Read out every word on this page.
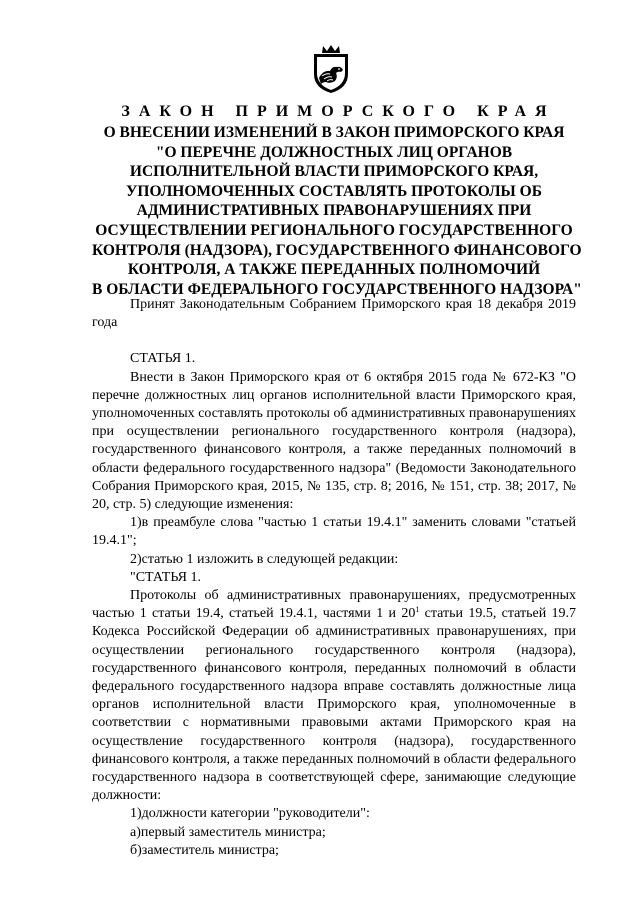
ЗАКОН ПРИМОРСКОГО КРАЯ

О ВНЕСЕНИИ ИЗМЕНЕНИЙ В ЗАКОН ПРИМОРСКОГО КРАЯ

"О ПЕРЕЧНЕ ДОЛЖНОСТНЫХ ЛИЦ ОРГАНОВ

ИСПОЛНИТЕЛЬНОЙ ВЛАСТИ ПРИМОРСКОГО КРАЯ,

УПОЛНОМОЧЕННЫХ СОСТАВЛЯТЬ ПРОТОКОЛЫ ОБ

АДМИНИСТРАТИВНЫХ ПРАВОНАРУШЕНИЯХ ПРИ

ОСУЩЕСТВЛЕНИИ РЕГИОНАЛЬНОГО ГОСУДАРСТВЕННОГО

КОНТРОЛЯ (НАДЗОРА), ГОСУДАРСТВЕННОГО ФИНАНСОВОГО

КОНТРОЛЯ, А ТАКЖЕ ПЕРЕДАННЫХ ПОЛНОМОЧИЙ

В ОБЛАСТИ ФЕДЕРАЛЬНОГО ГОСУДАРСТВЕННОГО НАДЗОРА"

Принят Законодательным Собранием Приморского края 18 декабря 2019 года

СТАТЬЯ 1.

Внести в Закон Приморского края от 6 октября 2015 года № 672-КЗ "О перечне должностных лиц органов исполнительной власти Приморского края, уполномоченных составлять протоколы об административных правонарушениях при осуществлении регионального государственного контроля (надзора), государственного финансового контроля, а также переданных полномочий в области федерального государственного надзора" (Ведомости Законодательного Собрания Приморского края, 2015, № 135, стр. 8; 2016, № 151, стр. 38; 2017, № 20, стр. 5) следующие изменения:

1)в преамбуле слова "частью 1 статьи 19.4.1" заменить словами "статьей 19.4.1";

2)статью 1 изложить в следующей редакции:

"СТАТЬЯ 1.

Протоколы об административных правонарушениях, предусмотренных частью 1 статьи 19.4, статьей 19.4.1, частями 1 и $20^1$ статьи 19.5, статьей 19.7 Кодекса Российской Федерации об административных правонарушениях, при осуществлении регионального государственного контроля (надзора), государственного финансового контроля, переданных полномочий в области федерального государственного надзора вправе составлять должностные лица органов исполнительной власти Приморского края, уполномоченные в соответствии с нормативными правовыми актами Приморского края на осуществление государственного контроля (надзора), государственного финансового контроля, а также переданных полномочий в области федерального государственного надзора в соответствующей сфере, занимающие следующие должности:

1)должности категории "руководители":

а)первый заместитель министра;

б)заместитель министра;
